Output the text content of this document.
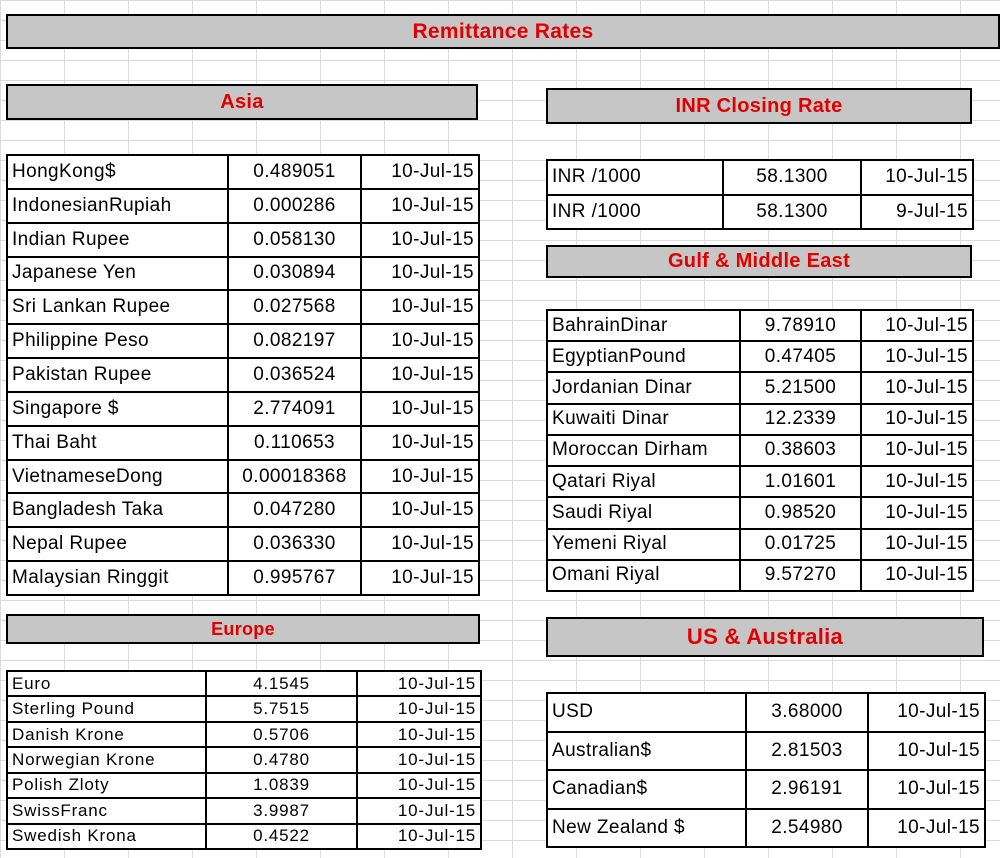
Remittance Rates
Asia
HongKong$	0.489051	10-Jul-15
IndonesianRupiah	0.000286	10-Jul-15
Indian Rupee	0.058130	10-Jul-15
Japanese Yen	0.030894	10-Jul-15
Sri Lankan Rupee	0.027568	10-Jul-15
Philippine Peso	0.082197	10-Jul-15
Pakistan Rupee	0.036524	10-Jul-15
Singapore $	2.774091	10-Jul-15
Thai Baht	0.110653	10-Jul-15
VietnameseDong	0.00018368	10-Jul-15
Bangladesh Taka	0.047280	10-Jul-15
Nepal Rupee	0.036330	10-Jul-15
Malaysian Ringgit	0.995767	10-Jul-15
INR Closing Rate
INR /1000	58.1300	10-Jul-15
INR /1000	58.1300	9-Jul-15
Gulf & Middle East
BahrainDinar	9.78910	10-Jul-15
EgyptianPound	0.47405	10-Jul-15
Jordanian Dinar	5.21500	10-Jul-15
Kuwaiti Dinar	12.2339	10-Jul-15
Moroccan Dirham	0.38603	10-Jul-15
Qatari Riyal	1.01601	10-Jul-15
Saudi Riyal	0.98520	10-Jul-15
Yemeni Riyal	0.01725	10-Jul-15
Omani Riyal	9.57270	10-Jul-15
Europe
Euro	4.1545	10-Jul-15
Sterling Pound	5.7515	10-Jul-15
Danish Krone	0.5706	10-Jul-15
Norwegian Krone	0.4780	10-Jul-15
Polish Zloty	1.0839	10-Jul-15
SwissFranc	3.9987	10-Jul-15
Swedish Krona	0.4522	10-Jul-15
US & Australia
USD	3.68000	10-Jul-15
Australian$	2.81503	10-Jul-15
Canadian$	2.96191	10-Jul-15
New Zealand $	2.54980	10-Jul-15
